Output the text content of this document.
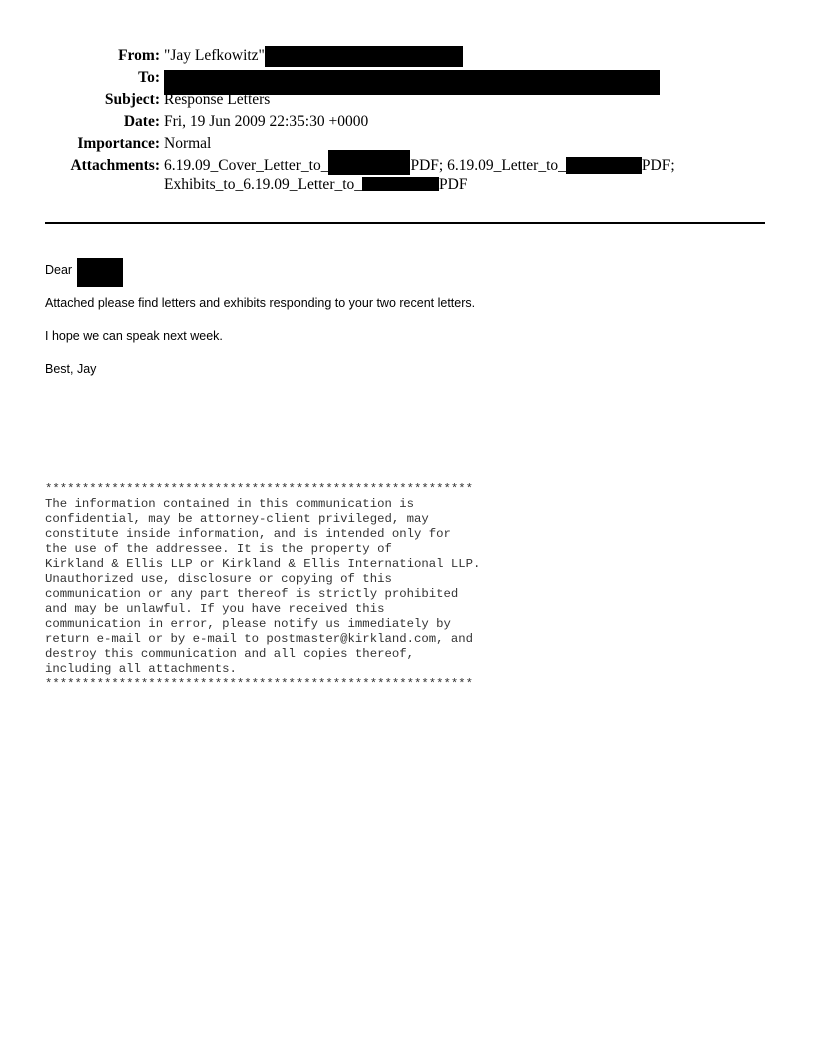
From: "Jay Lefkowitz"
To:
Subject: Response Letters
Date: Fri, 19 Jun 2009 22:35:30 +0000
Importance: Normal
Attachments: 6.19.09_Cover_Letter_to_	PDF; 6.19.09_Letter_to_	PDF;
Exhibits_to_6.19.09_Letter_to_	PDF
Dear
Attached please find letters and exhibits responding to your two recent letters.
I hope we can speak next week.
Best, Jay
**********************************************************
The information contained in this communication is
confidential, may be attorney-client privileged, may
constitute inside information, and is intended only for
the use of the addressee. It is the property of
Kirkland & Ellis LLP or Kirkland & Ellis International LLP.
Unauthorized use, disclosure or copying of this
communication or any part thereof is strictly prohibited
and may be unlawful. If you have received this
communication in error, please notify us immediately by
return e-mail or by e-mail to postmaster@kirkland.com, and
destroy this communication and all copies thereof,
including all attachments.
**********************************************************
